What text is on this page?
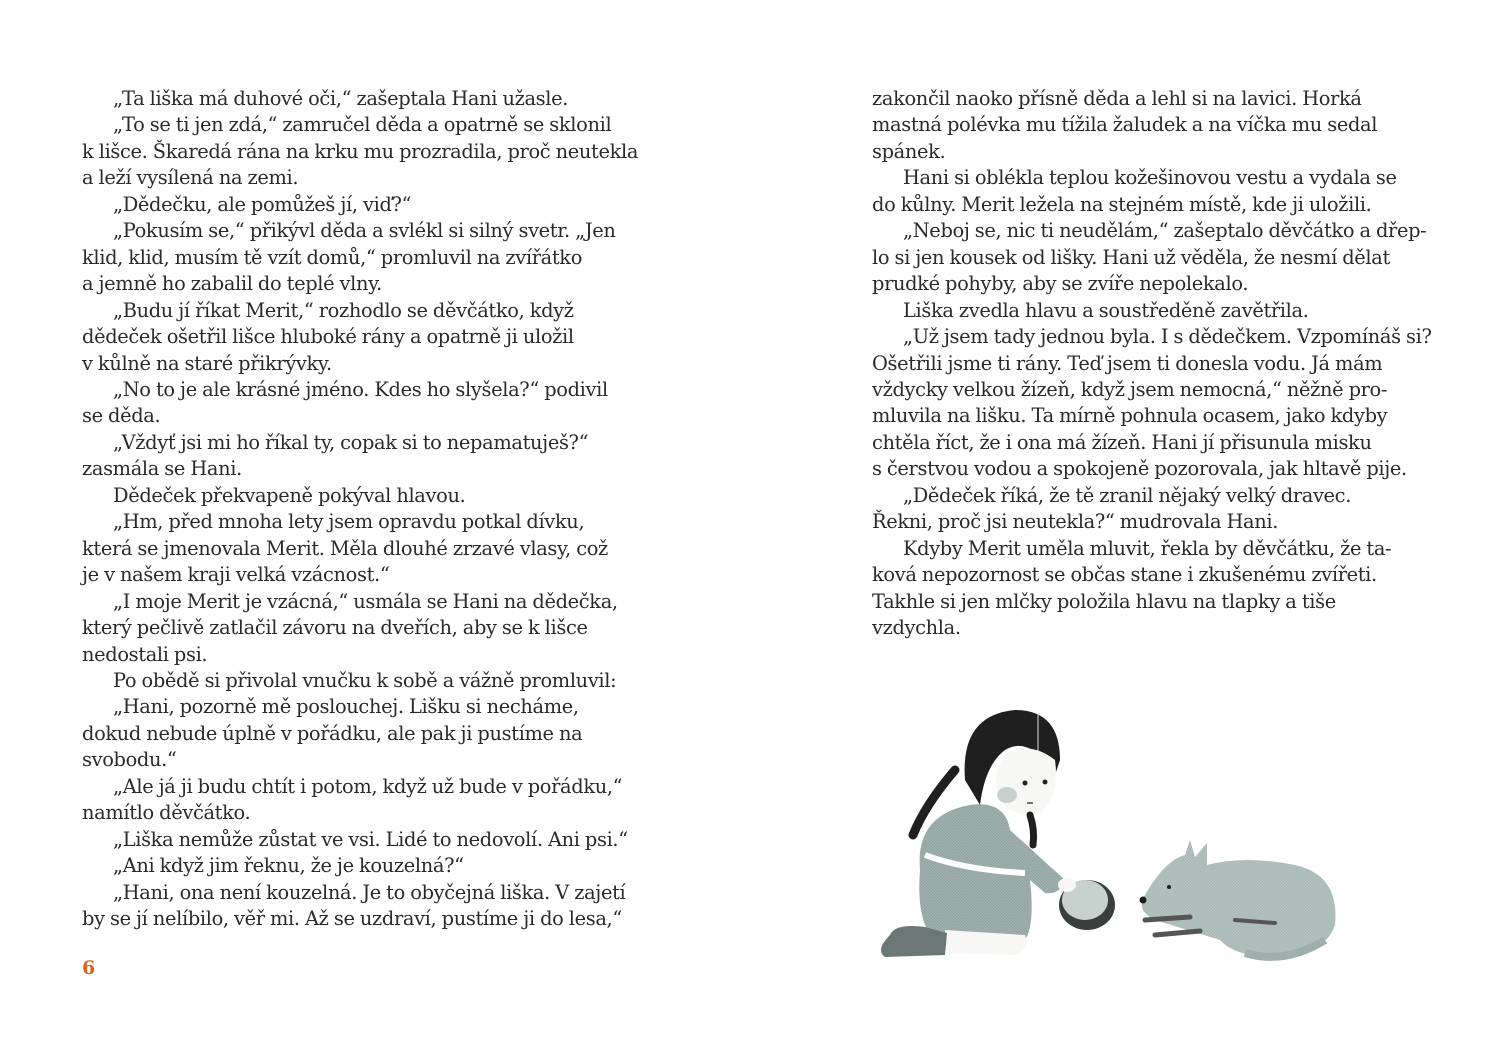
„Ta liška má duhové oči,“ zašeptala Hani užasle.
„To se ti jen zdá,“ zamručel děda a opatrně se sklonil
k lišce. Škaredá rána na krku mu prozradila, proč neutekla
a leží vysílená na zemi.
„Dědečku, ale pomůžeš jí, viď?“
„Pokusím se,“ přikývl děda a svlékl si silný svetr. „Jen
klid, klid, musím tě vzít domů,“ promluvil na zvířátko
a jemně ho zabalil do teplé vlny.
„Budu jí říkat Merit,“ rozhodlo se děvčátko, když
dědeček ošetřil lišce hluboké rány a opatrně ji uložil
v kůlně na staré přikrývky.
„No to je ale krásné jméno. Kdes ho slyšela?“ podivil
se děda.
„Vždyť jsi mi ho říkal ty, copak si to nepamatuješ?“
zasmála se Hani.
Dědeček překvapeně pokýval hlavou.
„Hm, před mnoha lety jsem opravdu potkal dívku,
která se jmenovala Merit. Měla dlouhé zrzavé vlasy, což
je v našem kraji velká vzácnost.“
„I moje Merit je vzácná,“ usmála se Hani na dědečka,
který pečlivě zatlačil závoru na dveřích, aby se k lišce
nedostali psi.
Po obědě si přivolal vnučku k sobě a vážně promluvil:
„Hani, pozorně mě poslouchej. Lišku si necháme,
dokud nebude úplně v pořádku, ale pak ji pustíme na
svobodu.“
„Ale já ji budu chtít i potom, když už bude v pořádku,“
namítlo děvčátko.
„Liška nemůže zůstat ve vsi. Lidé to nedovolí. Ani psi.“
„Ani když jim řeknu, že je kouzelná?“
„Hani, ona není kouzelná. Je to obyčejná liška. V zajetí
by se jí nelíbilo, věř mi. Až se uzdraví, pustíme ji do lesa,“
zakončil naoko přísně děda a lehl si na lavici. Horká
mastná polévka mu tížila žaludek a na víčka mu sedal
spánek.
Hani si oblékla teplou kožešinovou vestu a vydala se
do kůlny. Merit ležela na stejném místě, kde ji uložili.
„Neboj se, nic ti neudělám,“ zašeptalo děvčátko a dřep-
lo si jen kousek od lišky. Hani už věděla, že nesmí dělat
prudké pohyby, aby se zvíře nepolekalo.
Liška zvedla hlavu a soustředěně zavětřila.
„Už jsem tady jednou byla. I s dědečkem. Vzpomínáš si?
Ošetřili jsme ti rány. Teď jsem ti donesla vodu. Já mám
vždycky velkou žízeň, když jsem nemocná,“ něžně pro-
mluvila na lišku. Ta mírně pohnula ocasem, jako kdyby
chtěla říct, že i ona má žízeň. Hani jí přisunula misku
s čerstvou vodou a spokojeně pozorovala, jak hltavě pije.
„Dědeček říká, že tě zranil nějaký velký dravec.
Řekni, proč jsi neutekla?“ mudrovala Hani.
Kdyby Merit uměla mluvit, řekla by děvčátku, že ta-
ková nepozornost se občas stane i zkušenému zvířeti.
Takhle si jen mlčky položila hlavu na tlapky a tiše
vzdychla.
6
